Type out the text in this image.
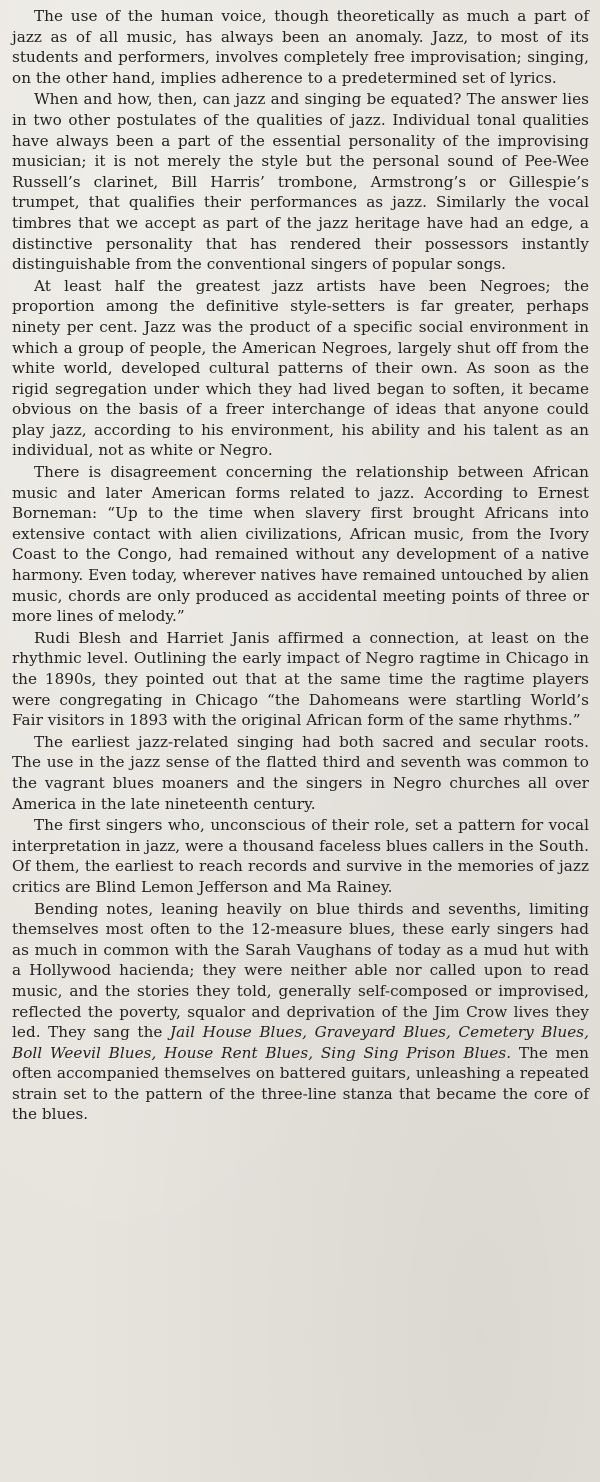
The use of the human voice, though theoretically as much a part of jazz as of all music, has always been an anomaly. Jazz, to most of its students and performers, involves completely free improvisation; singing, on the other hand, implies adherence to a predetermined set of lyrics.

When and how, then, can jazz and singing be equated? The answer lies in two other postulates of the qualities of jazz. Individual tonal qualities have always been a part of the essential personality of the improvising musician; it is not merely the style but the personal sound of Pee-Wee Russell’s clarinet, Bill Harris’ trombone, Armstrong’s or Gillespie’s trumpet, that qualifies their performances as jazz. Similarly the vocal timbres that we accept as part of the jazz heritage have had an edge, a distinctive personality that has rendered their possessors instantly distinguishable from the conventional singers of popular songs.

At least half the greatest jazz artists have been Negroes; the proportion among the definitive style-setters is far greater, perhaps ninety per cent. Jazz was the product of a specific social environment in which a group of people, the American Negroes, largely shut off from the white world, developed cultural patterns of their own. As soon as the rigid segregation under which they had lived began to soften, it became obvious on the basis of a freer interchange of ideas that anyone could play jazz, according to his environment, his ability and his talent as an individual, not as white or Negro.

There is disagreement concerning the relationship between African music and later American forms related to jazz. According to Ernest Borneman: “Up to the time when slavery first brought Africans into extensive contact with alien civilizations, African music, from the Ivory Coast to the Congo, had remained without any development of a native harmony. Even today, wherever natives have remained untouched by alien music, chords are only produced as accidental meeting points of three or more lines of melody.”

Rudi Blesh and Harriet Janis affirmed a connection, at least on the rhythmic level. Outlining the early impact of Negro ragtime in Chicago in the 1890s, they pointed out that at the same time the ragtime players were congregating in Chicago “the Dahomeans were startling World’s Fair visitors in 1893 with the original African form of the same rhythms.”

The earliest jazz-related singing had both sacred and secular roots. The use in the jazz sense of the flatted third and seventh was common to the vagrant blues moaners and the singers in Negro churches all over America in the late nineteenth century.

The first singers who, unconscious of their role, set a pattern for vocal interpretation in jazz, were a thousand faceless blues callers in the South. Of them, the earliest to reach records and survive in the memories of jazz critics are Blind Lemon Jefferson and Ma Rainey.

Bending notes, leaning heavily on blue thirds and sevenths, limiting themselves most often to the 12-measure blues, these early singers had as much in common with the Sarah Vaughans of today as a mud hut with a Hollywood hacienda; they were neither able nor called upon to read music, and the stories they told, generally self-composed or improvised, reflected the poverty, squalor and deprivation of the Jim Crow lives they led. They sang the Jail House Blues, Graveyard Blues, Cemetery Blues, Boll Weevil Blues, House Rent Blues, Sing Sing Prison Blues. The men often accompanied themselves on battered guitars, unleashing a repeated strain set to the pattern of the three-line stanza that became the core of the blues.
